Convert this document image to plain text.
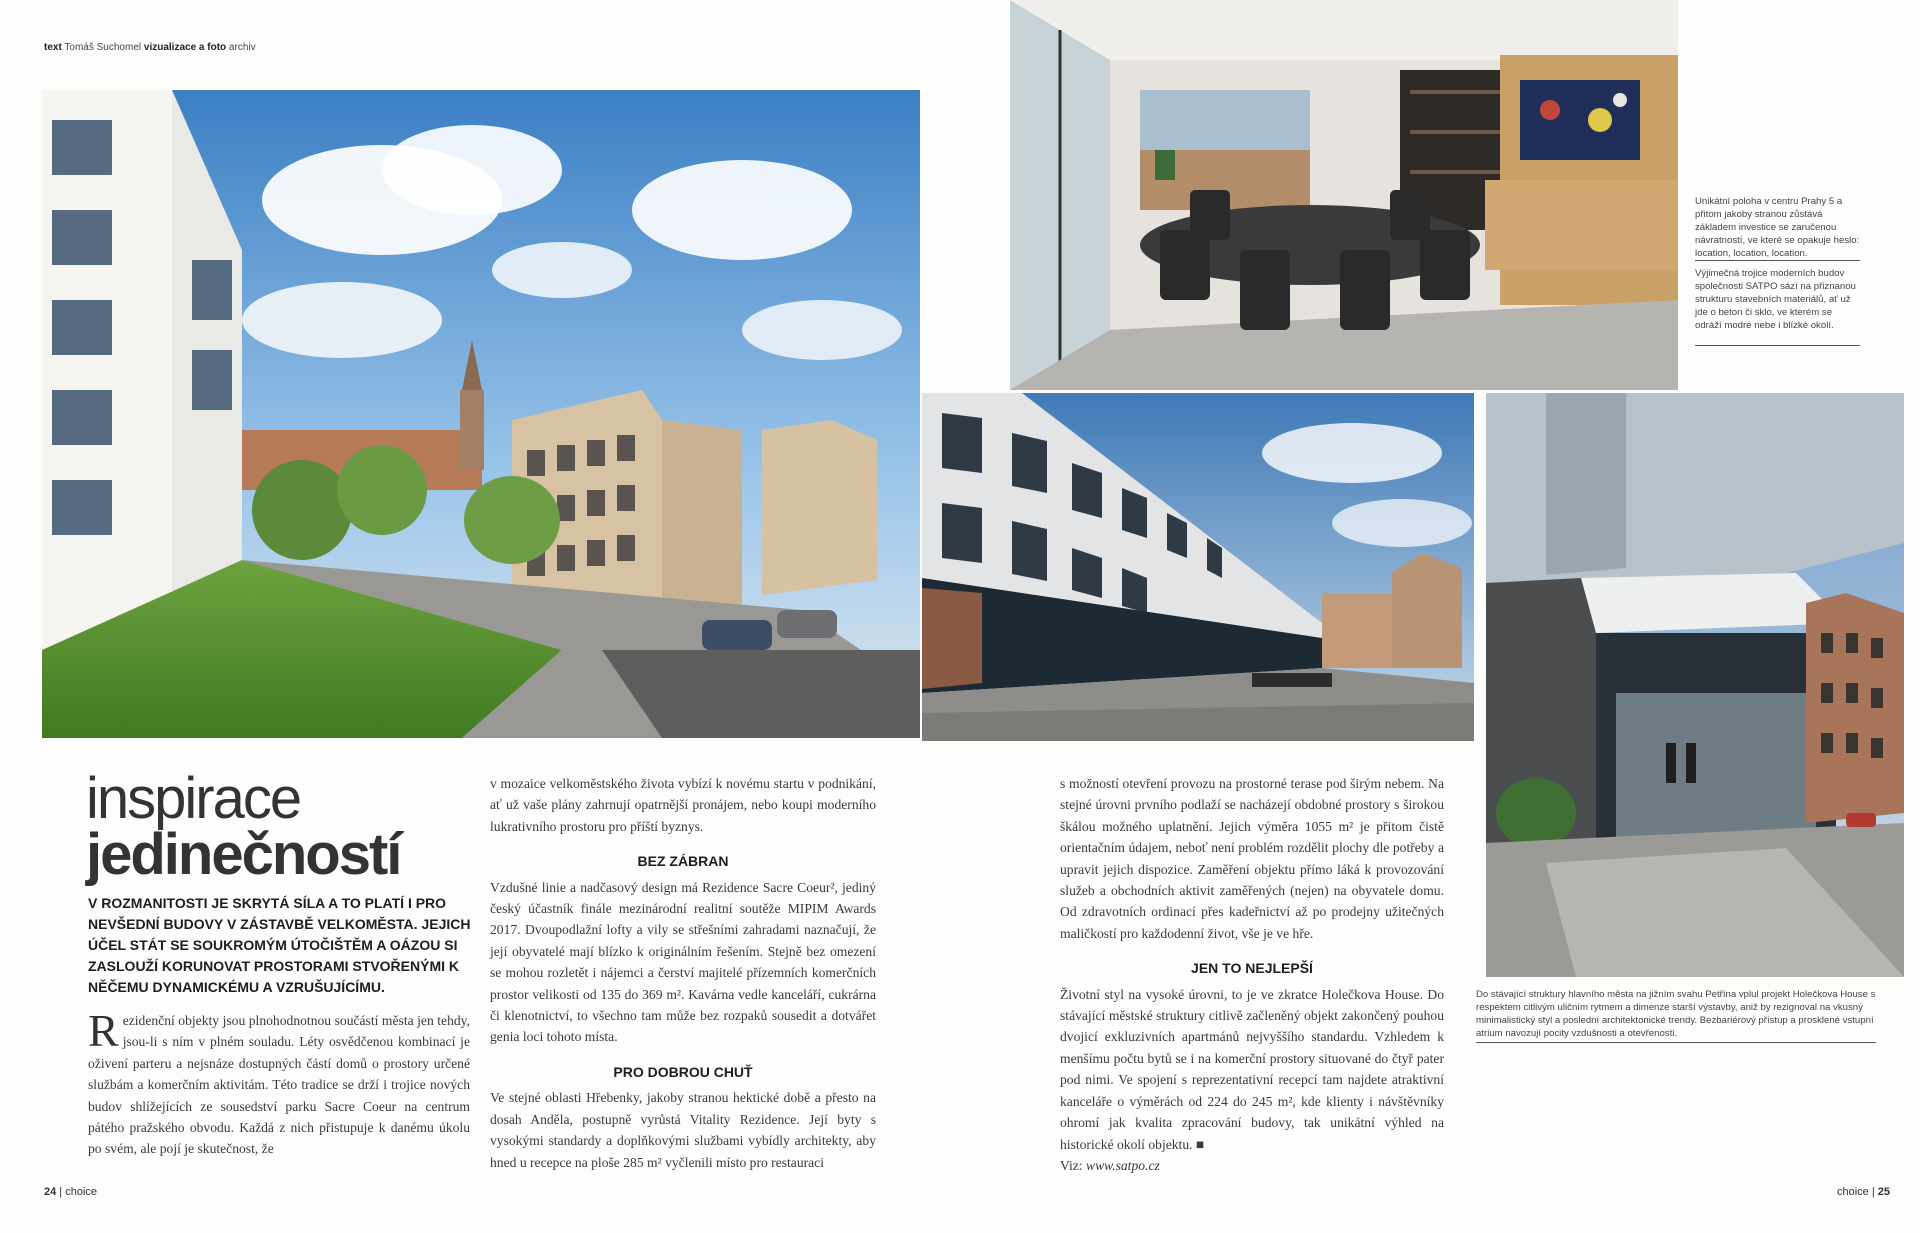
text Tomáš Suchomel vizualizace a foto archiv
Unikátní poloha v centru Prahy 5 a přitom jakoby stranou zůstává základem investice se zaručenou návratností, ve které se opakuje heslo: location, location, location.
Výjimečná trojice moderních budov společnosti SATPO sází na přiznanou strukturu stavebních materiálů, ať už jde o beton či sklo, ve kterém se odráží modré nebe i blízké okolí.
Do stávající struktury hlavního města na jižním svahu Petřína vplul projekt Holečkova House s respektem citlivým uličním rytmem a dimenze starší výstavby, aniž by rezignoval na vkusný minimalistický styl a poslední architektonické trendy. Bezbariérový přístup a prosklené vstupní atrium navozují pocity vzdušnosti a otevřenosti.
inspirace
jedinečností
V ROZMANITOSTI JE SKRYTÁ SÍLA A TO PLATÍ I PRO NEVŠEDNÍ BUDOVY V ZÁSTAVBĚ VELKOMĚSTA. JEJICH ÚČEL STÁT SE SOUKROMÝM ÚTOČIŠTĚM A OÁZOU SI ZASLOUŽÍ KORUNOVAT PROSTORAMI STVOŘENÝMI K NĚČEMU DYNAMICKÉMU A VZRUŠUJÍCÍMU.

Rezidenční objekty jsou plnohodnotnou součástí města jen tehdy, jsou-li s ním v plném souladu. Léty osvědčenou kombinací je oživení parteru a nejsnáze dostupných částí domů o prostory určené službám a komerčním aktivitám. Této tradice se drží i trojice nových budov shlížejících ze sousedství parku Sacre Coeur na centrum pátého pražského obvodu. Každá z nich přistupuje k danému úkolu po svém, ale pojí je skutečnost, že

v mozaice velkoměstského života vybízí k novému startu v podnikání, ať už vaše plány zahrnují opatrnější pronájem, nebo koupi moderního lukrativního prostoru pro příští byznys.

BEZ ZÁBRAN

Vzdušné linie a nadčasový design má Rezidence Sacre Coeur², jediný český účastník finále mezinárodní realitní soutěže MIPIM Awards 2017. Dvoupodlažní lofty a vily se střešními zahradami naznačují, že její obyvatelé mají blízko k originálním řešením. Stejně bez omezení se mohou rozletět i nájemci a čerství majitelé přízemních komerčních prostor velikosti od 135 do 369 m². Kavárna vedle kanceláří, cukrárna či klenotnictví, to všechno tam může bez rozpaků sousedit a dotvářet genia loci tohoto místa.

PRO DOBROU CHUŤ

Ve stejné oblasti Hřebenky, jakoby stranou hektické době a přesto na dosah Anděla, postupně vyrůstá Vitality Rezidence. Její byty s vysokými standardy a doplňkovými službami vybídly architekty, aby hned u recepce na ploše 285 m² vyčlenili místo pro restauraci

s možností otevření provozu na prostorné terase pod širým nebem. Na stejné úrovni prvního podlaží se nacházejí obdobné prostory s širokou škálou možného uplatnění. Jejich výměra 1055 m² je přitom čistě orientačním údajem, neboť není problém rozdělit plochy dle potřeby a upravit jejich dispozice. Zaměření objektu přímo láká k provozování služeb a obchodních aktivit zaměřených (nejen) na obyvatele domu. Od zdravotních ordinací přes kadeřnictví až po prodejny užitečných maličkostí pro každodenní život, vše je ve hře.

JEN TO NEJLEPŠÍ

Životní styl na vysoké úrovni, to je ve zkratce Holečkova House. Do stávající městské struktury citlivě začleněný objekt zakončený pouhou dvojicí exkluzivních apartmánů nejvyššího standardu. Vzhledem k menšímu počtu bytů se i na komerční prostory situované do čtyř pater pod nimi. Ve spojení s reprezentativní recepcí tam najdete atraktivní kanceláře o výměrách od 224 do 245 m², kde klienty i návštěvníky ohromí jak kvalita zpracování budovy, tak unikátní výhled na historické okolí objektu. ■

Viz: www.satpo.cz

24 | choice	choice | 25
